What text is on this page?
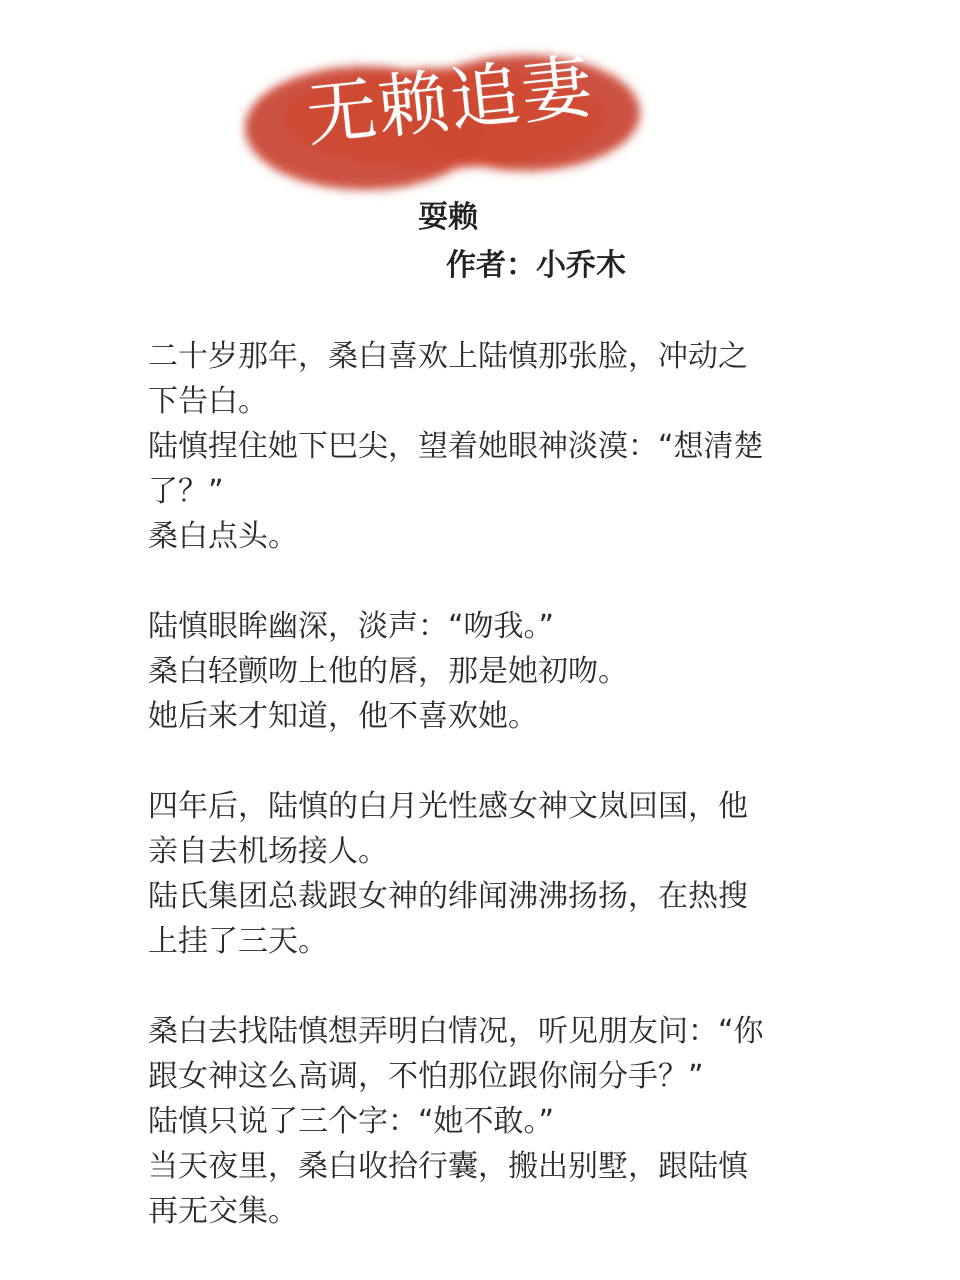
无赖追妻
耍赖
作者：小乔木
二十岁那年，桑白喜欢上陆慎那张脸，冲动之
下告白。
陆慎捏住她下巴尖，望着她眼神淡漠：“想清楚
了？”
桑白点头。
陆慎眼眸幽深，淡声：“吻我。”
桑白轻颤吻上他的唇，那是她初吻。
她后来才知道，他不喜欢她。
四年后，陆慎的白月光性感女神文岚回国，他
亲自去机场接人。
陆氏集团总裁跟女神的绯闻沸沸扬扬，在热搜
上挂了三天。
桑白去找陆慎想弄明白情况，听见朋友问：“你
跟女神这么高调，不怕那位跟你闹分手？”
陆慎只说了三个字：“她不敢。”
当天夜里，桑白收拾行囊，搬出别墅，跟陆慎
再无交集。
